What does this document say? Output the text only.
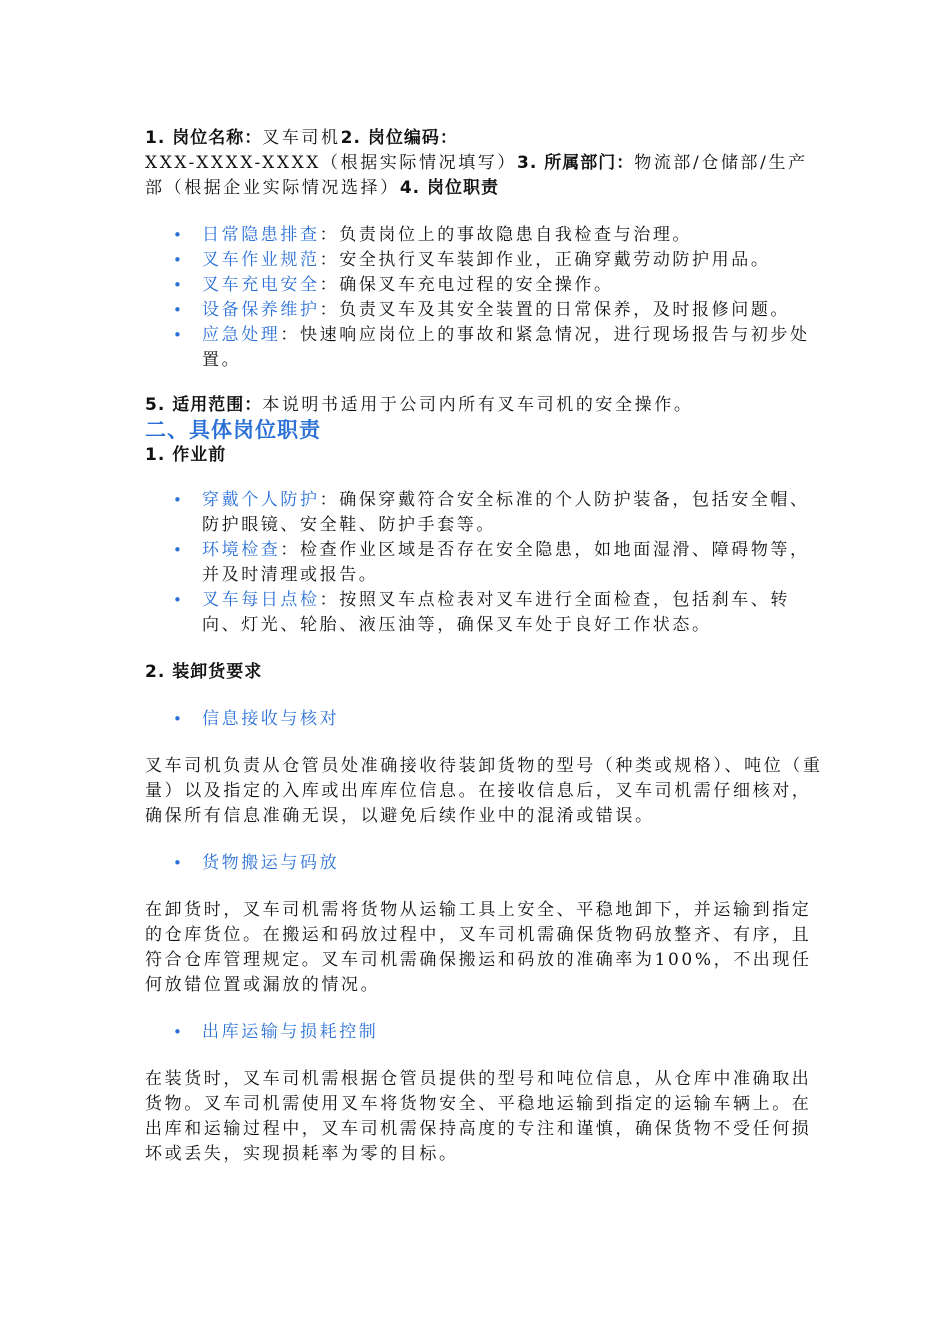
1. 岗位名称：叉车司机2. 岗位编码：XXX-XXXX-XXXX（根据实际情况填写）3. 所属部门：物流部/仓储部/生产部（根据企业实际情况选择）4. 岗位职责

• 日常隐患排查：负责岗位上的事故隐患自我检查与治理。
• 叉车作业规范：安全执行叉车装卸作业，正确穿戴劳动防护用品。
• 叉车充电安全：确保叉车充电过程的安全操作。
• 设备保养维护：负责叉车及其安全装置的日常保养，及时报修问题。
• 应急处理：快速响应岗位上的事故和紧急情况，进行现场报告与初步处置。

5. 适用范围：本说明书适用于公司内所有叉车司机的安全操作。

二、具体岗位职责

1. 作业前

• 穿戴个人防护：确保穿戴符合安全标准的个人防护装备，包括安全帽、防护眼镜、安全鞋、防护手套等。
• 环境检查：检查作业区域是否存在安全隐患，如地面湿滑、障碍物等，并及时清理或报告。
• 叉车每日点检：按照叉车点检表对叉车进行全面检查，包括刹车、转向、灯光、轮胎、液压油等，确保叉车处于良好工作状态。

2. 装卸货要求

• 信息接收与核对

叉车司机负责从仓管员处准确接收待装卸货物的型号（种类或规格）、吨位（重量）以及指定的入库或出库库位信息。在接收信息后，叉车司机需仔细核对，确保所有信息准确无误，以避免后续作业中的混淆或错误。

• 货物搬运与码放

在卸货时，叉车司机需将货物从运输工具上安全、平稳地卸下，并运输到指定的仓库货位。在搬运和码放过程中，叉车司机需确保货物码放整齐、有序，且符合仓库管理规定。叉车司机需确保搬运和码放的准确率为100%，不出现任何放错位置或漏放的情况。

• 出库运输与损耗控制

在装货时，叉车司机需根据仓管员提供的型号和吨位信息，从仓库中准确取出货物。叉车司机需使用叉车将货物安全、平稳地运输到指定的运输车辆上。在出库和运输过程中，叉车司机需保持高度的专注和谨慎，确保货物不受任何损坏或丢失，实现损耗率为零的目标。
